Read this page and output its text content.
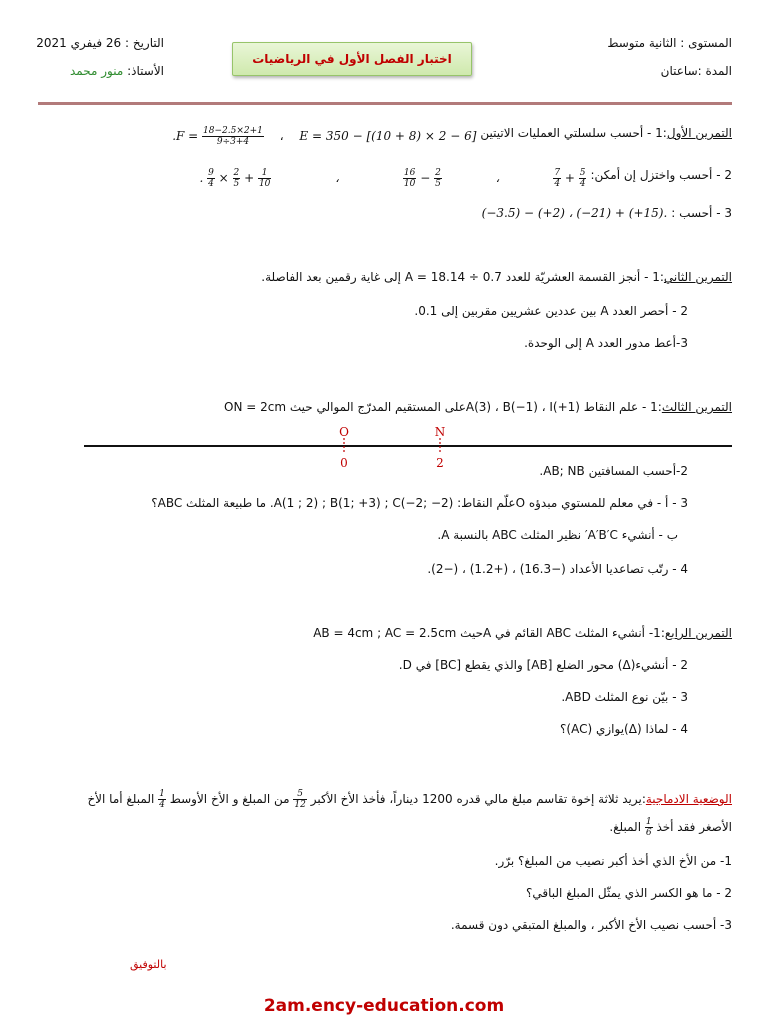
المستوى : الثانية متوسط
المدة :ساعتان
التاريخ : 26 فيفري 2021
الأستاذ: منور محمد
اختبار الفصل الأول في الرياضيات
التمرين الأول:1 - أحسب سلسلتي العمليات الاتيتين
$.F = \frac{18-2.5\times 2+1}{9\div 3+4}$ ، E = 350 − [(10 + 8) × 2 − 6]
2 - أحسب واختزل إن أمكن:
. $\frac{9}{4} \times \frac{2}{5} + \frac{1}{10}$	،	$\frac{16}{10} - \frac{2}{5}$	،	$\frac{7}{4} + \frac{5}{4}$
3 - أحسب :
(−3.5) − (+2) ، (−21) + (+15).
التمرين الثاني:1 - أنجز القسمة العشريّة للعدد 0.7 ÷ 18.14 = A إلى غاية رقمين بعد الفاصلة.
2 - أحصر العدد A بين عددين عشريين مقربين إلى 0.1.
3-أعط مدور العدد A إلى الوحدة.
التمرين الثالث:1 - علم النقاط A(3) ، B(−1) ، I(+1)على المستقيم المدرّج الموالي حيث ON = 2cm
O	N
0	2
2-أحسب المسافتين AB; NB.
3 - أ - في معلم للمستوي مبدؤه Oعلّم النقاط: A(1 ; 2) ; B(1; +3) ; C(−2; −2). ما طبيعة المثلث ABC؟
ب - أنشيء A′B′C′ نظير المثلث ABC بالنسبة A.
4 - رتّب تصاعديا الأعداد (−16.3) ، (+1.2) ، (−2).
التمرين الرابع:1- أنشيء المثلث ABC القائم في Aحيث AB = 4cm ; AC = 2.5cm
2 - أنشيء(Δ) محور الضلع [AB] والذي يقطع [BC] في D.
3 - بيّن نوع المثلث ABD.
4 - لماذا (Δ)يوازي (AC)؟
الوضعية الادماجية:يريد ثلاثة إخوة تقاسم مبلغ مالي قدره 1200 ديناراً، فأخذ الأخ الأكبر
$\frac{5}{12}$
من المبلغ و الأخ الأوسط
$\frac{1}{4}$
المبلغ أما الأخ
الأصغر فقد أخذ
$\frac{1}{6}$
المبلغ.
1- من الأخ الذي أخذ أكبر نصيب من المبلغ؟ برّر.
2 - ما هو الكسر الذي يمثّل المبلغ الباقي؟
3- أحسب نصيب الأخ الأكبر ، والمبلغ المتبقي دون قسمة.
بالتوفيق
2am.ency-education.com
